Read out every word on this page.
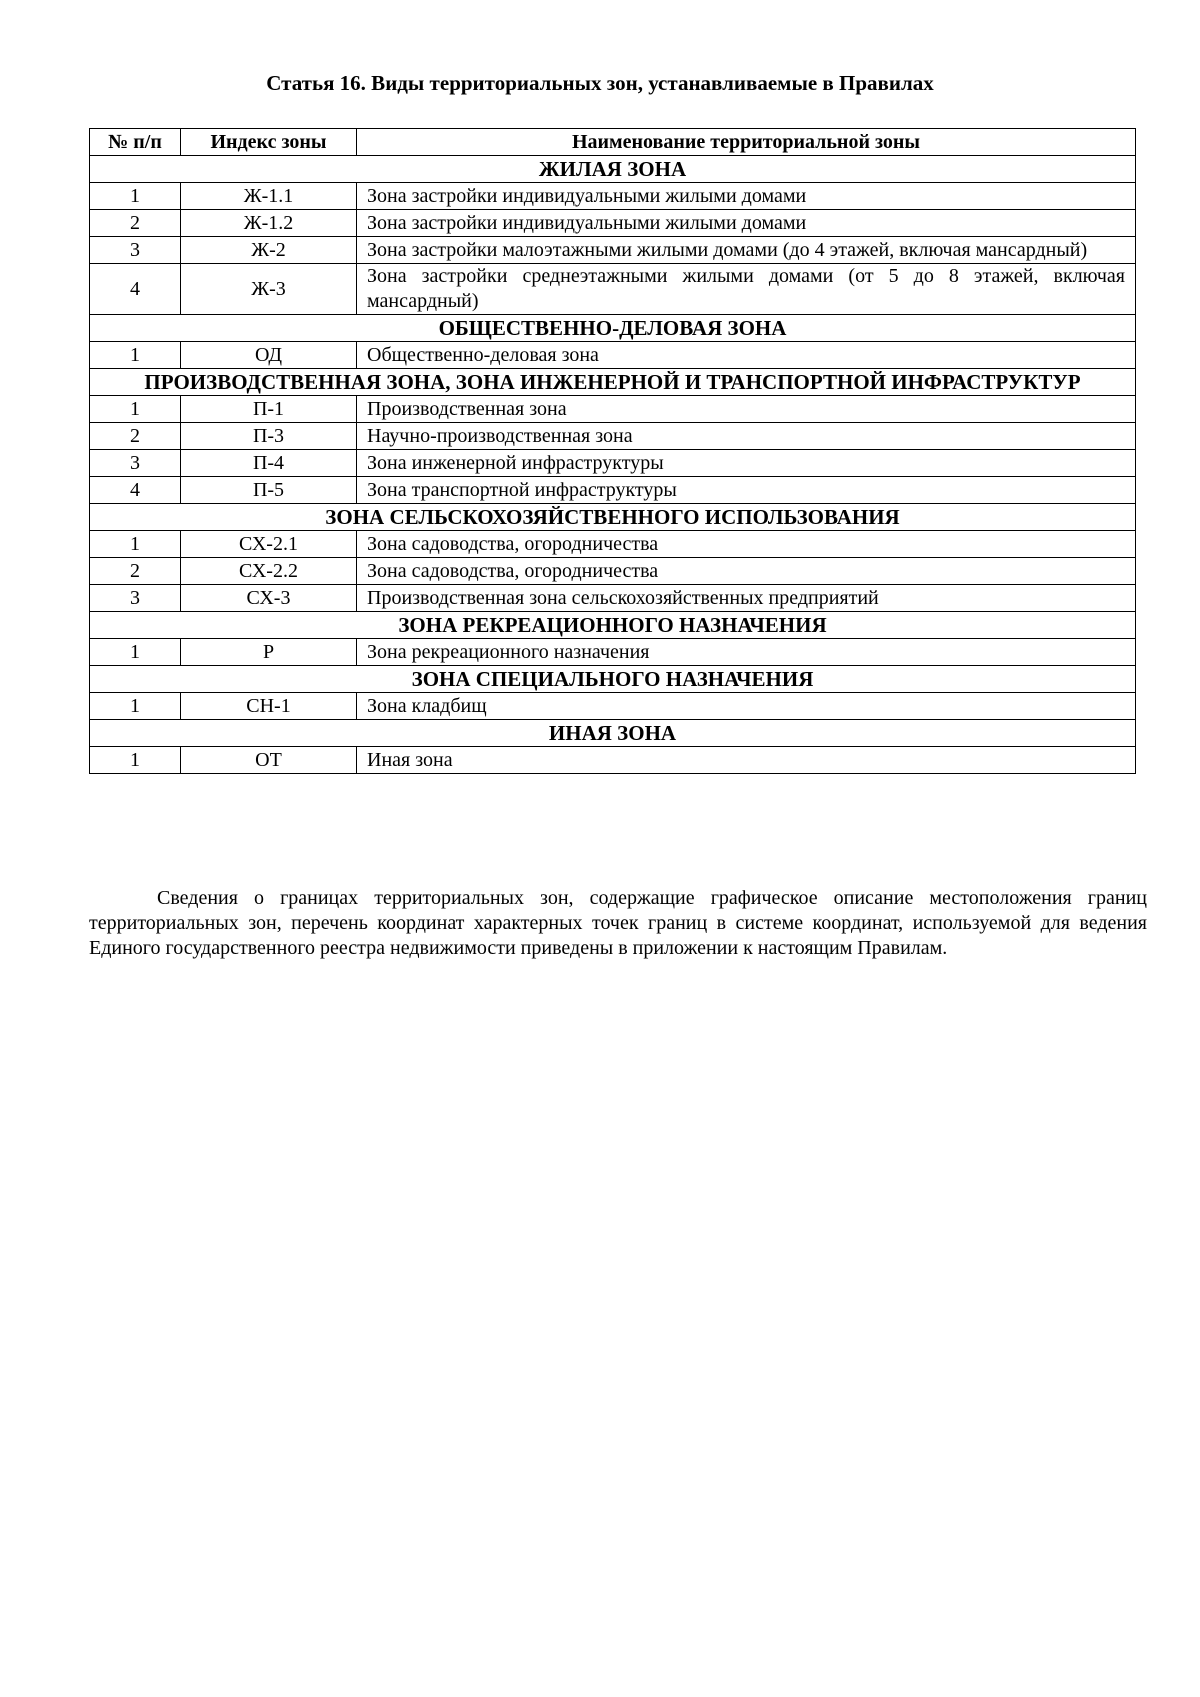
Статья 16. Виды территориальных зон, устанавливаемые в Правилах
№ п/п	Индекс зоны	Наименование территориальной зоны
ЖИЛАЯ ЗОНА		
1	Ж-1.1	Зона застройки индивидуальными жилыми домами
2	Ж-1.2	Зона застройки индивидуальными жилыми домами
3	Ж-2	Зона застройки малоэтажными жилыми домами (до 4 этажей, включая мансардный)
4	Ж-3	Зона застройки среднеэтажными жилыми домами (от 5 до 8 этажей, включая мансардный)
ОБЩЕСТВЕННО-ДЕЛОВАЯ ЗОНА		
1	ОД	Общественно-деловая зона
ПРОИЗВОДСТВЕННАЯ ЗОНА, ЗОНА ИНЖЕНЕРНОЙ И ТРАНСПОРТНОЙ ИНФРАСТРУКТУР		
1	П-1	Производственная зона
2	П-3	Научно-производственная зона
3	П-4	Зона инженерной инфраструктуры
4	П-5	Зона транспортной инфраструктуры
ЗОНА СЕЛЬСКОХОЗЯЙСТВЕННОГО ИСПОЛЬЗОВАНИЯ		
1	СХ-2.1	Зона садоводства, огородничества
2	СХ-2.2	Зона садоводства, огородничества
3	СХ-3	Производственная зона сельскохозяйственных предприятий
ЗОНА РЕКРЕАЦИОННОГО НАЗНАЧЕНИЯ		
1	Р	Зона рекреационного назначения
ЗОНА СПЕЦИАЛЬНОГО НАЗНАЧЕНИЯ		
1	СН-1	Зона кладбищ
ИНАЯ ЗОНА		
1	ОТ	Иная зона

Сведения о границах территориальных зон, содержащие графическое описание местоположения границ территориальных зон, перечень координат характерных точек границ в системе координат, используемой для ведения Единого государственного реестра недвижимости приведены в приложении к настоящим Правилам.
